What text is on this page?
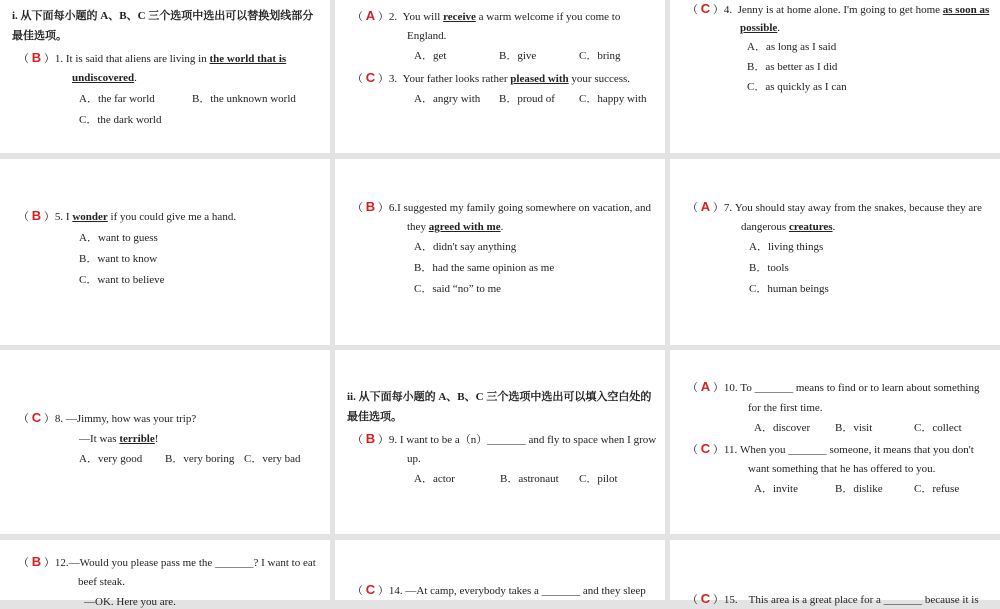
i. 从下面每小题的 A、B、C 三个选项中选出可以替换划线部分
最佳选项。
（ B ）1. It is said that aliens are living in the world that is
undiscovered.
A．the far world	B．the unknown world
C．the dark world
（ A ）2. You will receive a warm welcome if you come to
England.
A．get	B．give	C．bring
（ C ）3. Your father looks rather pleased with your success.
A．angry with B．proud of C．happy with
（ C ）4. Jenny is at home alone. I'm going to get home as soon as
possible.
A．as long as I said
B．as better as I did
C．as quickly as I can
（ B ）5. I wonder if you could give me a hand.
A．want to guess
B．want to know
C．want to believe
（ B ）6.I suggested my family going somewhere on vacation, and
they agreed with me.
A．didn't say anything
B．had the same opinion as me
C．said “no” to me
（ A ）7. You should stay away from the snakes, because they are
dangerous creatures.
A．living things
B．tools
C．human beings
（ C ）8. —Jimmy, how was your trip?
—It was terrible!
A．very good B．very boring C．very bad
ii. 从下面每小题的 A、B、C 三个选项中选出可以填入空白处的
最佳选项。
（ B ）9. I want to be a（n）_______ and fly to space when I grow
up.
A．actor	B．astronaut C．pilot
（ A ）10. To _______ means to find or to learn about something
for the first time.
A．discover B．visit	C．collect
（ C ）11. When you _______ someone, it means that you don't
want something that he has offered to you.
A．invite	B．dislike	C．refuse
（ B ）12.—Would you please pass me the _______? I want to eat
beef steak.
—OK. Here you are.
（ C ）14. —At camp, everybody takes a _______ and they sleep
（ C ）15. This area is a great place for a _______ because it is
